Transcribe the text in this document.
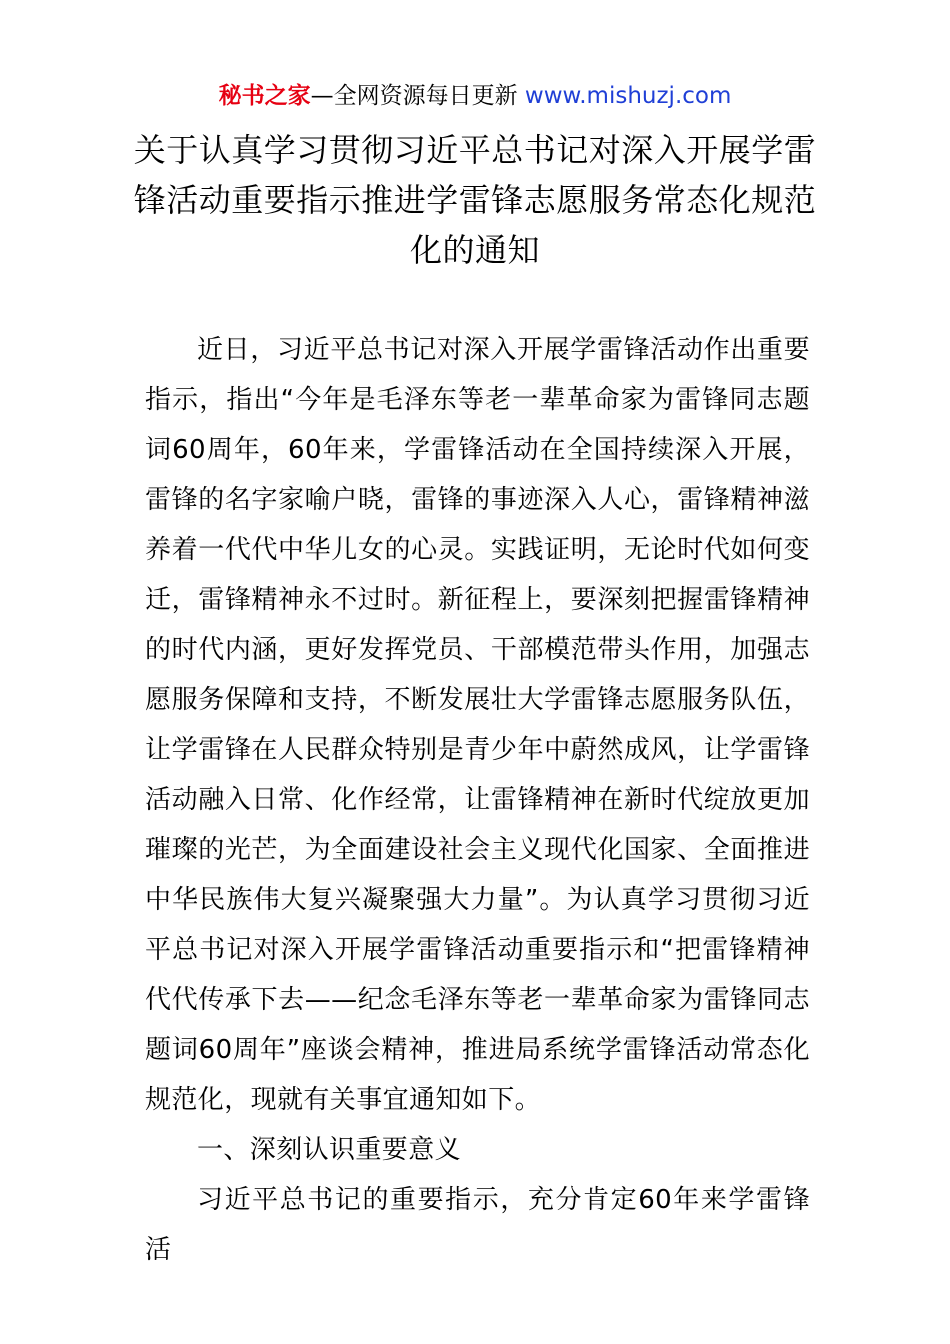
秘书之家—全网资源每日更新 www.mishuzj.com
关于认真学习贯彻习近平总书记对深入开展学雷锋活动重要指示推进学雷锋志愿服务常态化规范化的通知

近日，习近平总书记对深入开展学雷锋活动作出重要指示，指出“今年是毛泽东等老一辈革命家为雷锋同志题词60周年，60年来，学雷锋活动在全国持续深入开展，雷锋的名字家喻户晓，雷锋的事迹深入人心，雷锋精神滋养着一代代中华儿女的心灵。实践证明，无论时代如何变迁，雷锋精神永不过时。新征程上，要深刻把握雷锋精神的时代内涵，更好发挥党员、干部模范带头作用，加强志愿服务保障和支持，不断发展壮大学雷锋志愿服务队伍，让学雷锋在人民群众特别是青少年中蔚然成风，让学雷锋活动融入日常、化作经常，让雷锋精神在新时代绽放更加璀璨的光芒，为全面建设社会主义现代化国家、全面推进中华民族伟大复兴凝聚强大力量”。为认真学习贯彻习近平总书记对深入开展学雷锋活动重要指示和“把雷锋精神代代传承下去——纪念毛泽东等老一辈革命家为雷锋同志题词60周年”座谈会精神，推进局系统学雷锋活动常态化规范化，现就有关事宜通知如下。

一、深刻认识重要意义

习近平总书记的重要指示，充分肯定60年来学雷锋活
